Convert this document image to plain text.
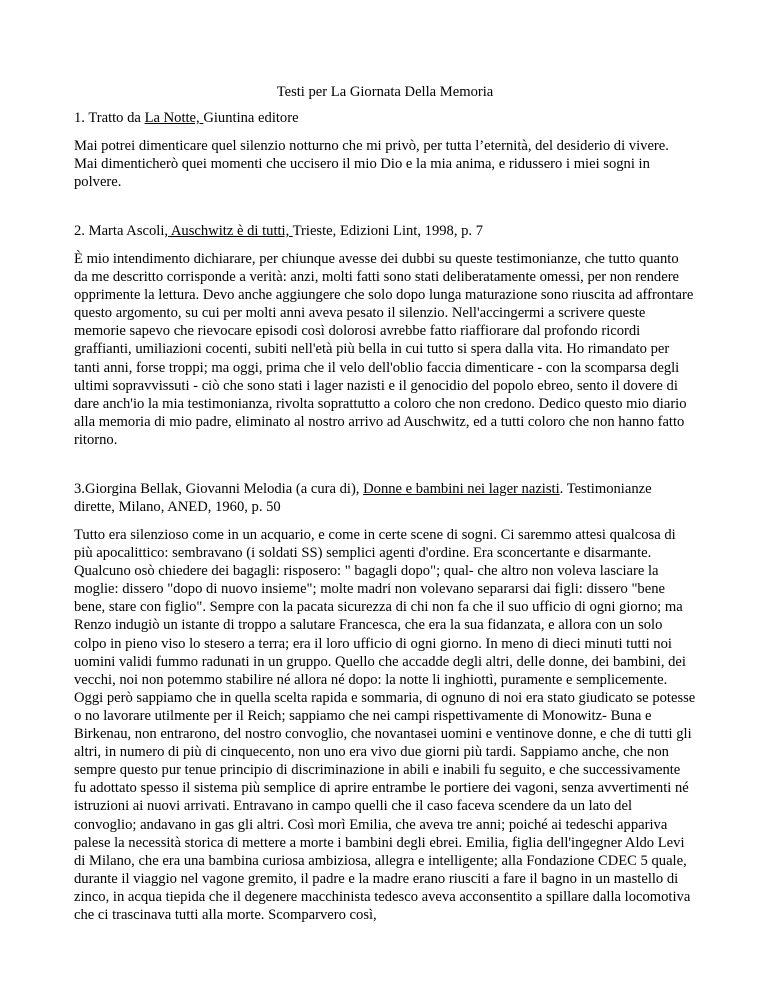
Testi per La Giornata Della Memoria

1. Tratto da La Notte, Giuntina editore

Mai potrei dimenticare quel silenzio notturno che mi privò, per tutta l’eternità, del desiderio di vivere. Mai dimenticherò quei momenti che uccisero il mio Dio e la mia anima, e ridussero i miei sogni in polvere.

2. Marta Ascoli, Auschwitz è di tutti, Trieste, Edizioni Lint, 1998, p. 7

È mio intendimento dichiarare, per chiunque avesse dei dubbi su queste testimonianze, che tutto quanto da me descritto corrisponde a verità: anzi, molti fatti sono stati deliberatamente omessi, per non rendere opprimente la lettura. Devo anche aggiungere che solo dopo lunga maturazione sono riuscita ad affrontare questo argomento, su cui per molti anni aveva pesato il silenzio. Nell'accingermi a scrivere queste memorie sapevo che rievocare episodi così dolorosi avrebbe fatto riaffiorare dal profondo ricordi graffianti, umiliazioni cocenti, subiti nell'età più bella in cui tutto si spera dalla vita. Ho rimandato per tanti anni, forse troppi; ma oggi, prima che il velo dell'oblio faccia dimenticare - con la scomparsa degli ultimi sopravvissuti - ciò che sono stati i lager nazisti e il genocidio del popolo ebreo, sento il dovere di dare anch'io la mia testimonianza, rivolta soprattutto a coloro che non credono. Dedico questo mio diario alla memoria di mio padre, eliminato al nostro arrivo ad Auschwitz, ed a tutti coloro che non hanno fatto ritorno.

3.Giorgina Bellak, Giovanni Melodia (a cura di), Donne e bambini nei lager nazisti. Testimonianze dirette, Milano, ANED, 1960, p. 50

Tutto era silenzioso come in un acquario, e come in certe scene di sogni. Ci saremmo attesi qualcosa di più apocalittico: sembravano (i soldati SS) semplici agenti d'ordine. Era sconcertante e disarmante. Qualcuno osò chiedere dei bagagli: risposero: " bagagli dopo"; qual- che altro non voleva lasciare la moglie: dissero "dopo di nuovo insieme"; molte madri non volevano separarsi dai figli: dissero "bene bene, stare con figlio". Sempre con la pacata sicurezza di chi non fa che il suo ufficio di ogni giorno; ma Renzo indugiò un istante di troppo a salutare Francesca, che era la sua fidanzata, e allora con un solo colpo in pieno viso lo stesero a terra; era il loro ufficio di ogni giorno. In meno di dieci minuti tutti noi uomini validi fummo radunati in un gruppo. Quello che accadde degli altri, delle donne, dei bambini, dei vecchi, noi non potemmo stabilire né allora né dopo: la notte li inghiottì, puramente e semplicemente. Oggi però sappiamo che in quella scelta rapida e sommaria, di ognuno di noi era stato giudicato se potesse o no lavorare utilmente per il Reich; sappiamo che nei campi rispettivamente di Monowitz- Buna e Birkenau, non entrarono, del nostro convoglio, che novantasei uomini e ventinove donne, e che di tutti gli altri, in numero di più di cinquecento, non uno era vivo due giorni più tardi. Sappiamo anche, che non sempre questo pur tenue principio di discriminazione in abili e inabili fu seguito, e che successivamente fu adottato spesso il sistema più semplice di aprire entrambe le portiere dei vagoni, senza avvertimenti né istruzioni ai nuovi arrivati. Entravano in campo quelli che il caso faceva scendere da un lato del convoglio; andavano in gas gli altri. Così morì Emilia, che aveva tre anni; poiché ai tedeschi appariva palese la necessità storica di mettere a morte i bambini degli ebrei. Emilia, figlia dell'ingegner Aldo Levi di Milano, che era una bambina curiosa ambiziosa, allegra e intelligente; alla Fondazione CDEC 5 quale, durante il viaggio nel vagone gremito, il padre e la madre erano riusciti a fare il bagno in un mastello di zinco, in acqua tiepida che il degenere macchinista tedesco aveva acconsentito a spillare dalla locomotiva che ci trascinava tutti alla morte. Scomparvero così,
